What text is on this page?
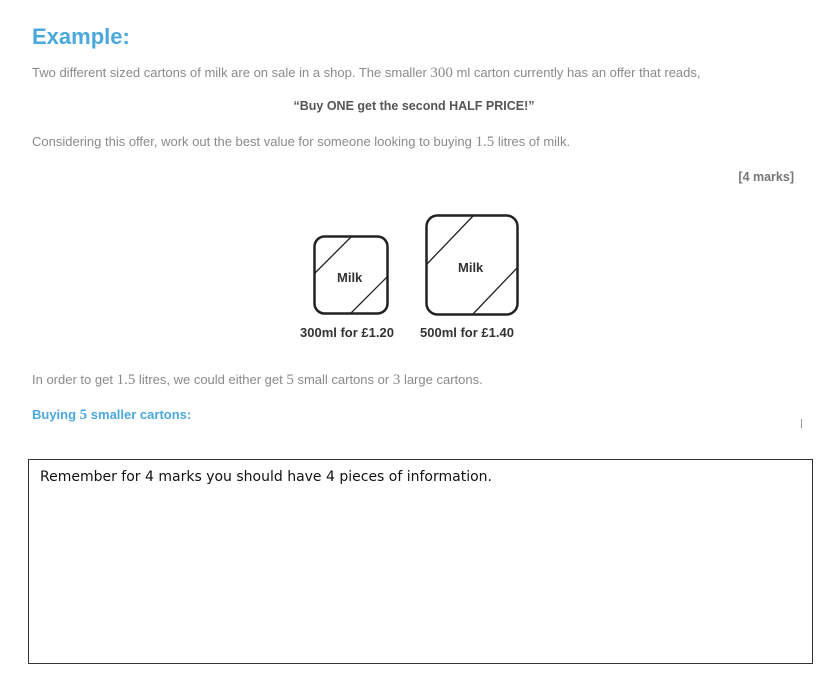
Example:
Two different sized cartons of milk are on sale in a shop. The smaller 300 ml carton currently has an offer that reads,
“Buy ONE get the second HALF PRICE!”
Considering this offer, work out the best value for someone looking to buying 1.5 litres of milk.
[4 marks]
Milk
Milk
300ml for £1.20 500ml for £1.40
In order to get 1.5 litres, we could either get 5 small cartons or 3 large cartons.
Buying 5 smaller cartons:
Remember for 4 marks you should have 4 pieces of information.
